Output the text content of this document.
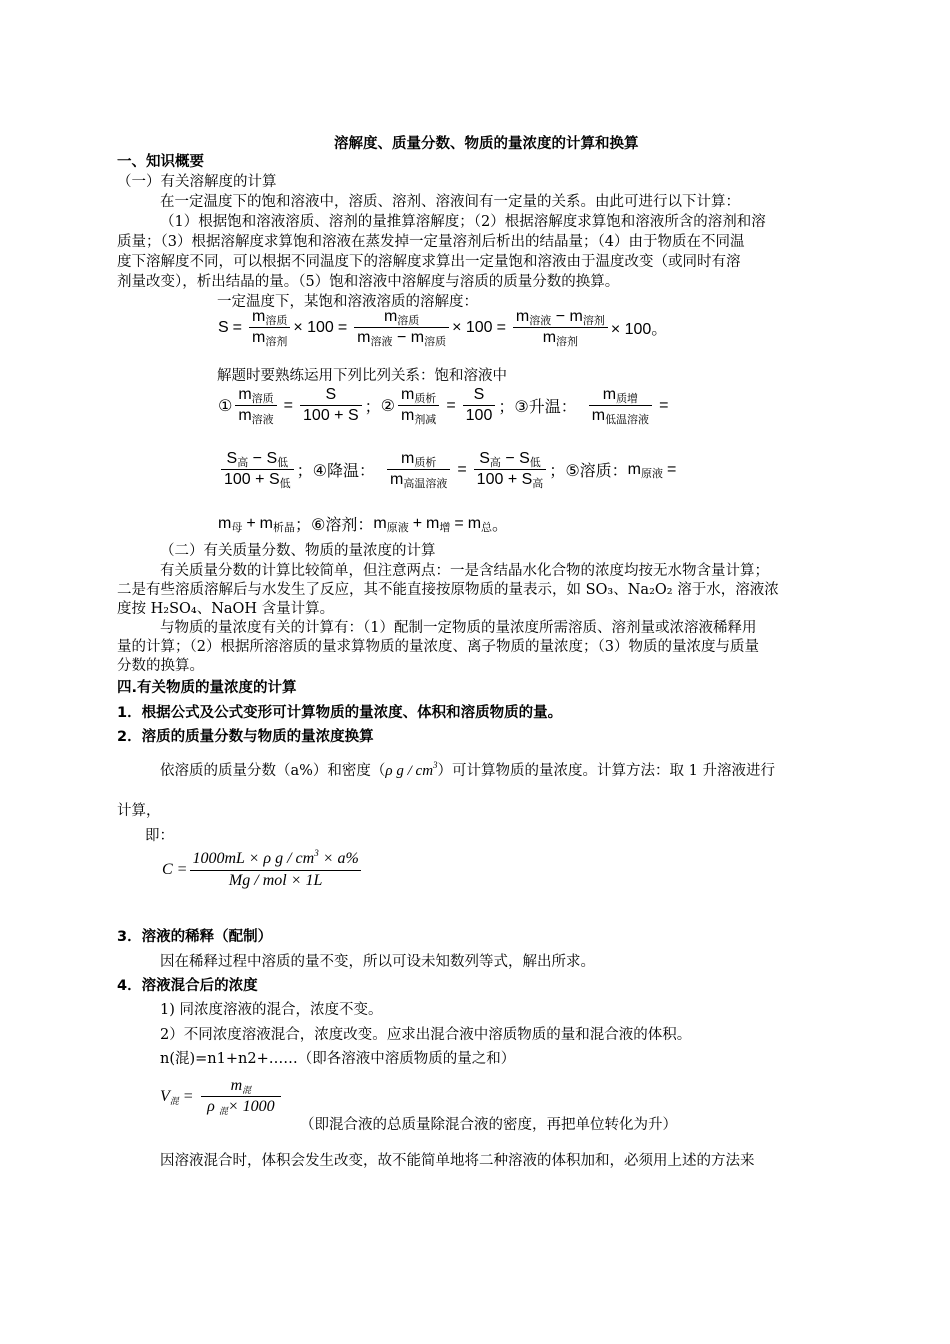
溶解度、质量分数、物质的量浓度的计算和换算
一、知识概要
（一）有关溶解度的计算
在一定温度下的饱和溶液中，溶质、溶剂、溶液间有一定量的关系。由此可进行以下计算：
（1）根据饱和溶液溶质、溶剂的量推算溶解度；（2）根据溶解度求算饱和溶液所含的溶剂和溶
质量；（3）根据溶解度求算饱和溶液在蒸发掉一定量溶剂后析出的结晶量；（4）由于物质在不同温
度下溶解度不同，可以根据不同温度下的溶解度求算出一定量饱和溶液由于温度改变（或同时有溶
剂量改变），析出结晶的量。（5）饱和溶液中溶解度与溶质的质量分数的换算。
一定温度下，某饱和溶液溶质的溶解度：
$S = \frac{\text{m溶质}}{\text{m溶剂}} \times 100 = \frac{\text{m溶质}}{\text{m溶液 − m溶质}} \times 100 = \frac{\text{m溶液 − m溶剂}}{\text{m溶剂}} \times 100$。
解题时要熟练运用下列比列关系：饱和溶液中
① $\frac{\text{m溶质}}{\text{m溶液}} = \frac{S}{100 + S}$ ； ② $\frac{\text{m质析}}{\text{m剂减}} = \frac{S}{100}$ ； ③升温： $\frac{\text{m质增}}{\text{m低温溶液}}$ =
$\frac{\text{S高 − S低}}{\text{100 + S低}}$ ； ④降温： $\frac{\text{m质析}}{\text{m高温溶液}} = \frac{\text{S高 − S低}}{\text{100 + S高}}$ ； ⑤溶质： m原液 =
m母 + m析晶 ； ⑥溶剂： m原液 + m增 = m总 。
（二）有关质量分数、物质的量浓度的计算
有关质量分数的计算比较简单，但注意两点：一是含结晶水化合物的浓度均按无水物含量计算；
二是有些溶质溶解后与水发生了反应，其不能直接按原物质的量表示，如 SO₃、Na₂O₂ 溶于水，溶液浓
度按 H₂SO₄、NaOH 含量计算。
与物质的量浓度有关的计算有：（1）配制一定物质的量浓度所需溶质、溶剂量或浓溶液稀释用
量的计算；（2）根据所溶溶质的量求算物质的量浓度、离子物质的量浓度；（3）物质的量浓度与质量
分数的换算。
四.有关物质的量浓度的计算
1．根据公式及公式变形可计算物质的量浓度、体积和溶质物质的量。
2．溶质的质量分数与物质的量浓度换算
依溶质的质量分数（a%）和密度（ρ g / $cm^3$）可计算物质的量浓度。计算方法：取 1 升溶液进行
计算，
即：
$C = \frac{1000mL \times \rho g / cm^3 \times a\%}{\text{Mg / mol × 1L}}$
3．溶液的稀释（配制）
因在稀释过程中溶质的量不变，所以可设未知数列等式，解出所求。
4．溶液混合后的浓度
1) 同浓度溶液的混合，浓度不变。
2）不同浓度溶液混合，浓度改变。应求出混合液中溶质物质的量和混合液的体积。
n(混)=n1+n2+……（即各溶液中溶质物质的量之和）
V混 = $\frac{\text{m混}}{\text{ρ 混× 1000}}$
（即混合液的总质量除混合液的密度，再把单位转化为升）
因溶液混合时，体积会发生改变，故不能简单地将二种溶液的体积加和，必须用上述的方法来
